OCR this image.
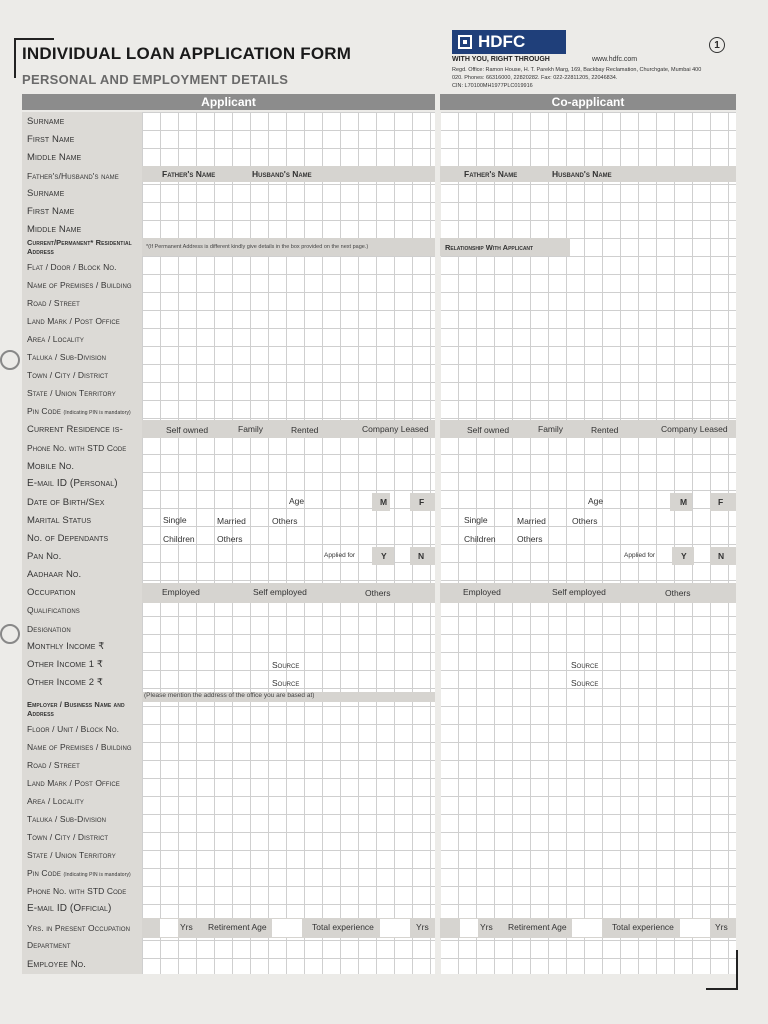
INDIVIDUAL LOAN APPLICATION FORM
PERSONAL AND EMPLOYMENT DETAILS
HDFC
WITH YOU, RIGHT THROUGH	www.hdfc.com
Regd. Office: Ramon House, H. T. Parekh Marg, 169, Backbay Reclamation, Churchgate, Mumbai 400 020. Phones: 66316000, 22820282. Fax: 022-22811205, 22046834.
CIN: L70100MH1977PLC019916
1
Applicant	Co-applicant
Surname
First Name
Middle Name
Father's/Husband's name	Father's Name	Husband's Name	Father's Name	Husband's Name
Surname
First Name
Middle Name
Current/Permanent* Residential Address	*(If Permanent Address is different kindly give details in the box provided on the next page.)	Relationship With Applicant
Flat / Door / Block No.
Name of Premises / Building
Road / Street
Land Mark / Post Office
Area / Locality
Taluka / Sub-Division
Town / City / District
State / Union Territory
Pin Code (Indicating PIN is mandatory)
Current Residence is-	Self owned	Family	Rented	Company Leased	Self owned	Family	Rented	Company Leased
Phone No. with STD Code
Mobile No.
E-mail ID (Personal)
Date of Birth/Sex	Age	M	F	Age	M	F
Marital Status	Single	Married	Others	Single	Married	Others
No. of Dependants	Children	Others	Children	Others
Pan No.	Applied for	Y	N	Applied for	Y	N
Aadhaar No.
Occupation	Employed	Self employed	Others	Employed	Self employed	Others
Qualifications
Designation
Monthly Income ₹
Other Income 1 ₹	Source	Source
Other Income 2 ₹	Source	Source
(Please mention the address of the office you are based at)
Employer / Business Name and Address
Floor / Unit / Block No.
Name of Premises / Building
Road / Street
Land Mark / Post Office
Area / Locality
Taluka / Sub-Division
Town / City / District
State / Union Territory
Pin Code (Indicating PIN is mandatory)
Phone No. with STD Code
E-mail ID (Official)
Yrs. in Present Occupation	Yrs Retirement Age	Total experience	Yrs	Yrs Retirement Age	Total experience	Yrs
Department
Employee No.
